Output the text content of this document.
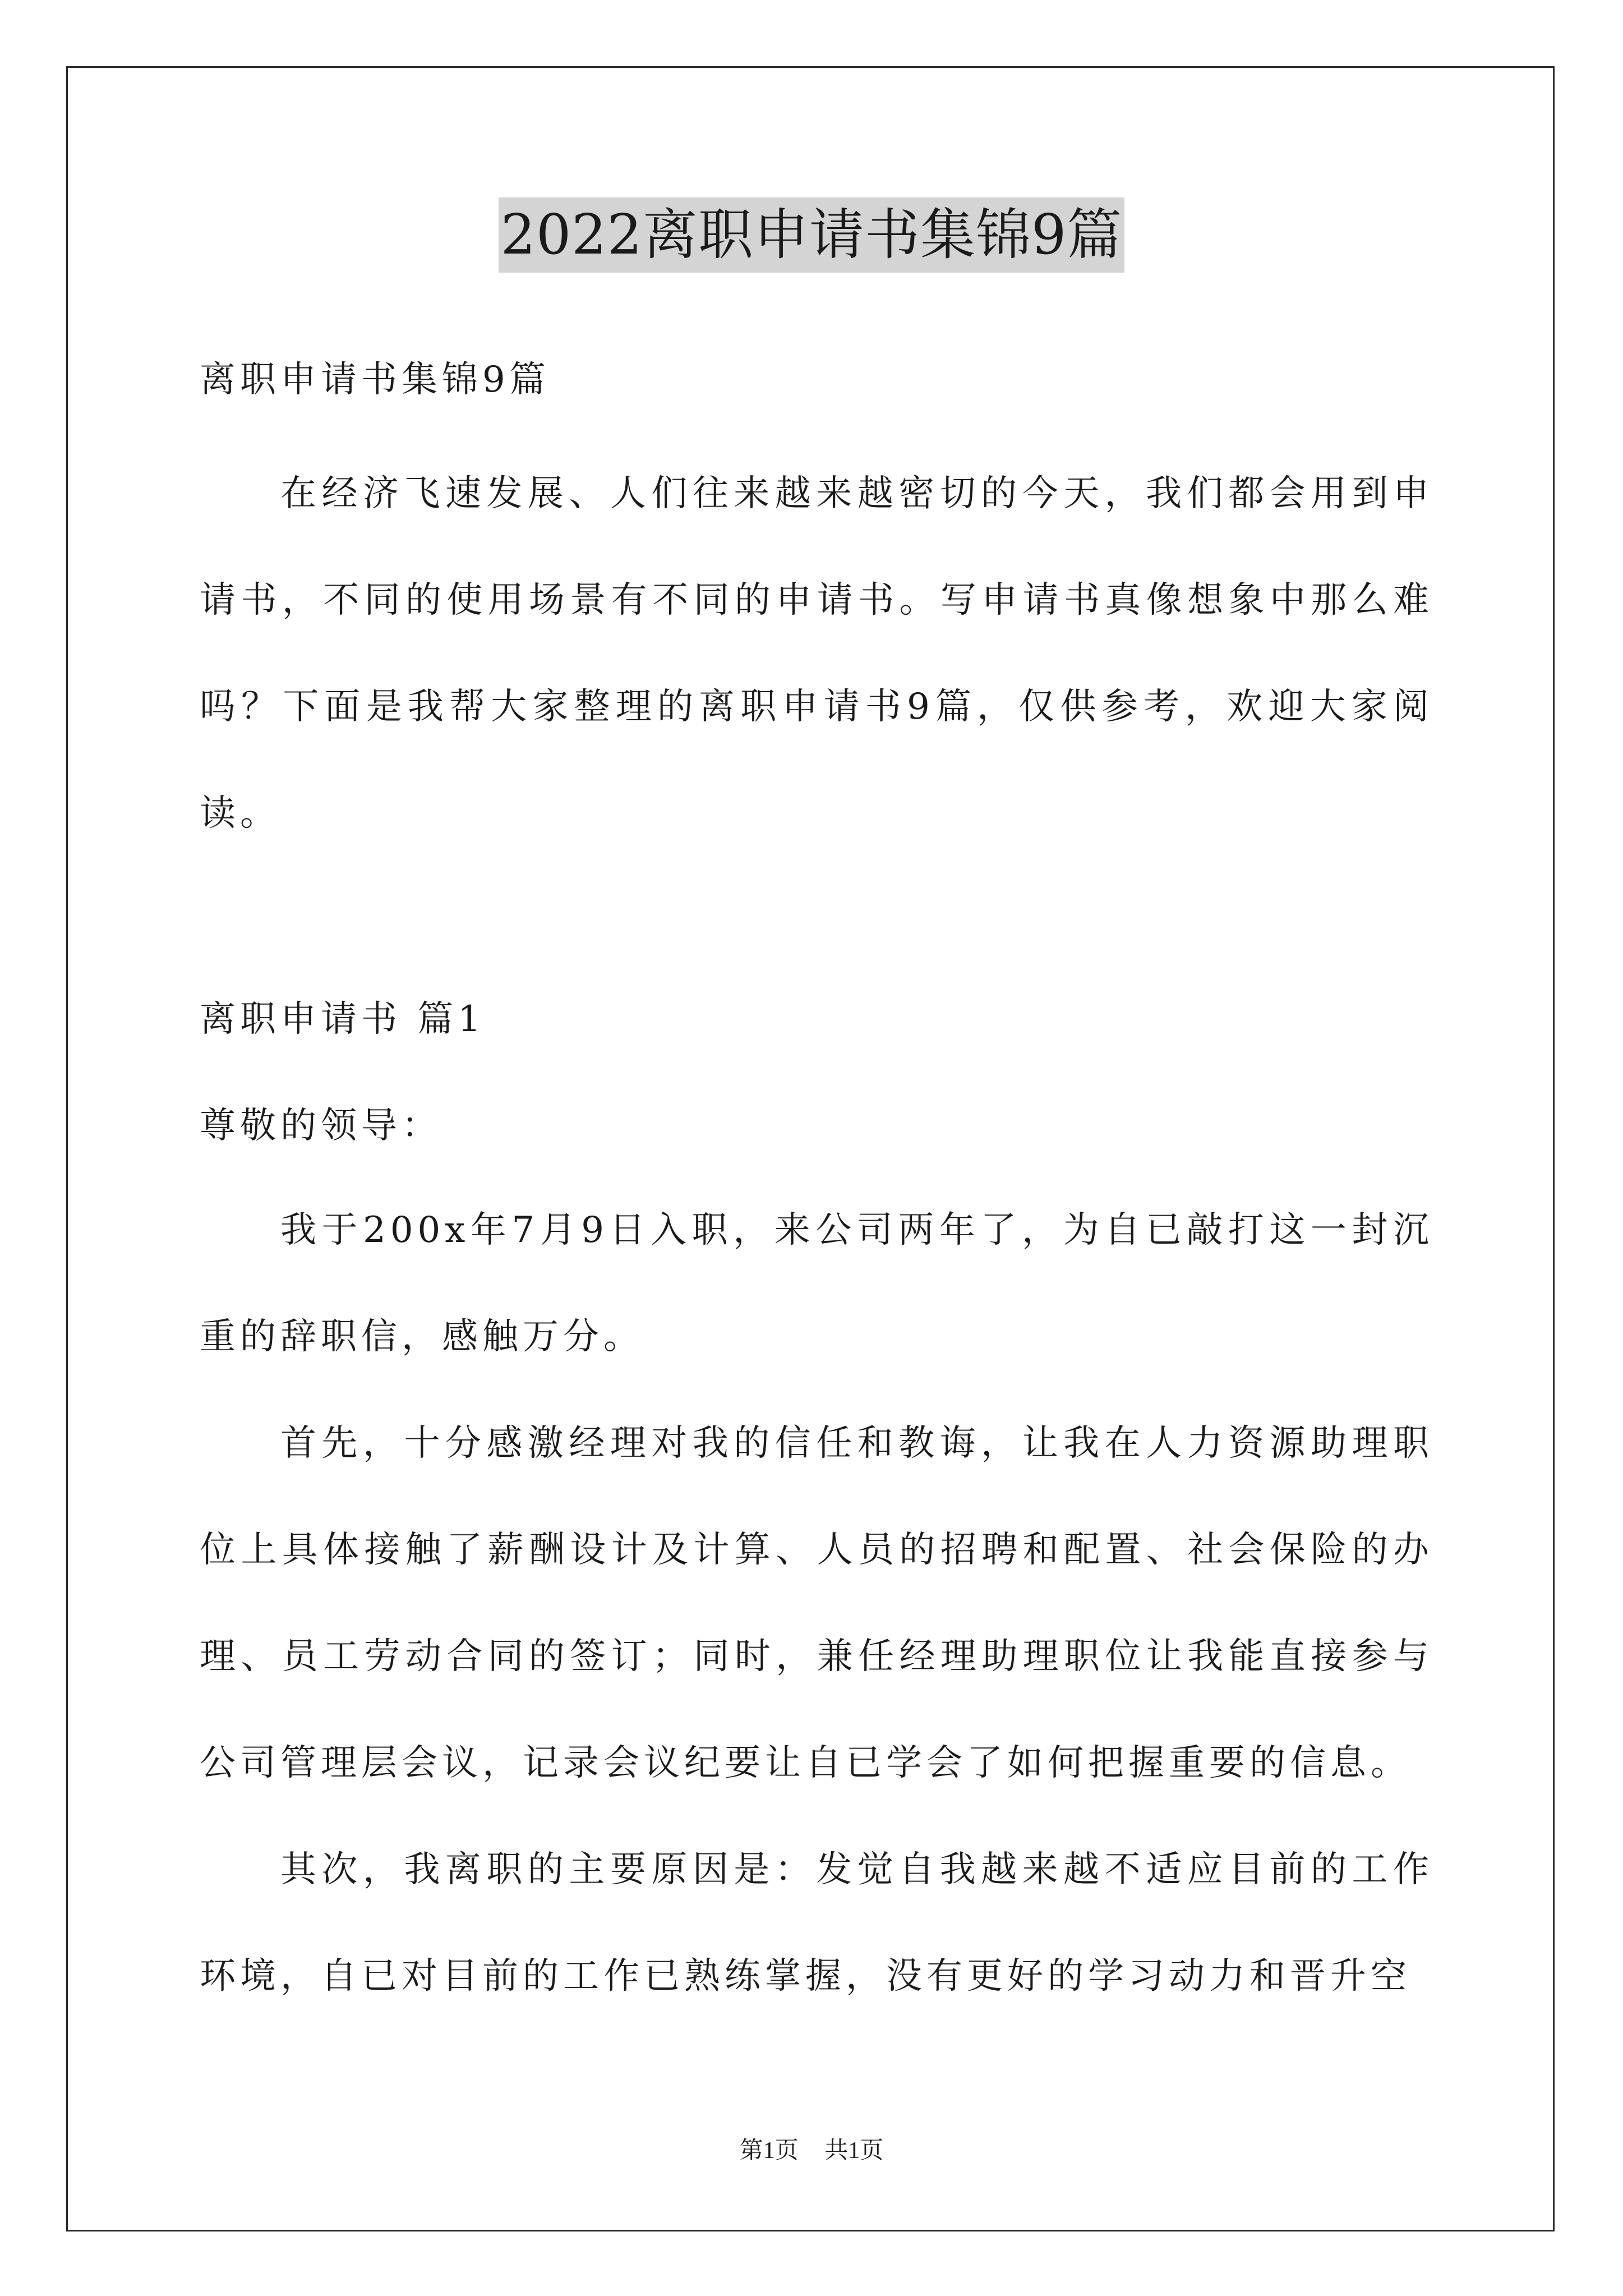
2022离职申请书集锦9篇
离职申请书集锦9篇
在经济飞速发展、人们往来越来越密切的今天，我们都会用到申请书，不同的使用场景有不同的申请书。写申请书真像想象中那么难吗？下面是我帮大家整理的离职申请书9篇，仅供参考，欢迎大家阅读。
离职申请书 篇1
尊敬的领导：
我于200x年7月9日入职，来公司两年了，为自已敲打这一封沉重的辞职信，感触万分。
首先，十分感激经理对我的信任和教诲，让我在人力资源助理职位上具体接触了薪酬设计及计算、人员的招聘和配置、社会保险的办理、员工劳动合同的签订；同时，兼任经理助理职位让我能直接参与公司管理层会议，记录会议纪要让自已学会了如何把握重要的信息。
其次，我离职的主要原因是：发觉自我越来越不适应目前的工作环境，自已对目前的工作已熟练掌握，没有更好的学习动力和晋升空
第1页 共1页
